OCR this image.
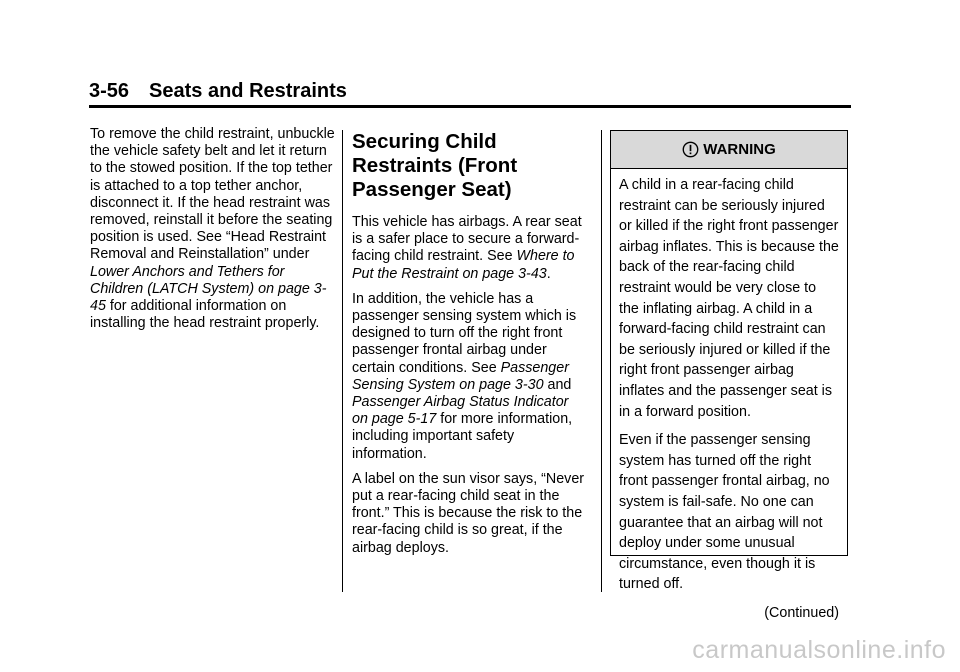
3-56 Seats and Restraints

To remove the child restraint, unbuckle the vehicle safety belt and let it return to the stowed position. If the top tether is attached to a top tether anchor, disconnect it. If the head restraint was removed, reinstall it before the seating position is used. See “Head Restraint Removal and Reinstallation” under Lower Anchors and Tethers for Children (LATCH System) on page 3-45 for additional information on installing the head restraint properly.

Securing Child Restraints (Front Passenger Seat)

This vehicle has airbags. A rear seat is a safer place to secure a forward-facing child restraint. See Where to Put the Restraint on page 3-43.

In addition, the vehicle has a passenger sensing system which is designed to turn off the right front passenger frontal airbag under certain conditions. See Passenger Sensing System on page 3-30 and Passenger Airbag Status Indicator on page 5-17 for more information, including important safety information.

A label on the sun visor says, “Never put a rear-facing child seat in the front.” This is because the risk to the rear-facing child is so great, if the airbag deploys.

WARNING

A child in a rear-facing child restraint can be seriously injured or killed if the right front passenger airbag inflates. This is because the back of the rear-facing child restraint would be very close to the inflating airbag. A child in a forward-facing child restraint can be seriously injured or killed if the right front passenger airbag inflates and the passenger seat is in a forward position.

Even if the passenger sensing system has turned off the right front passenger frontal airbag, no system is fail-safe. No one can guarantee that an airbag will not deploy under some unusual circumstance, even though it is turned off.

(Continued)

carmanualsonline.info
